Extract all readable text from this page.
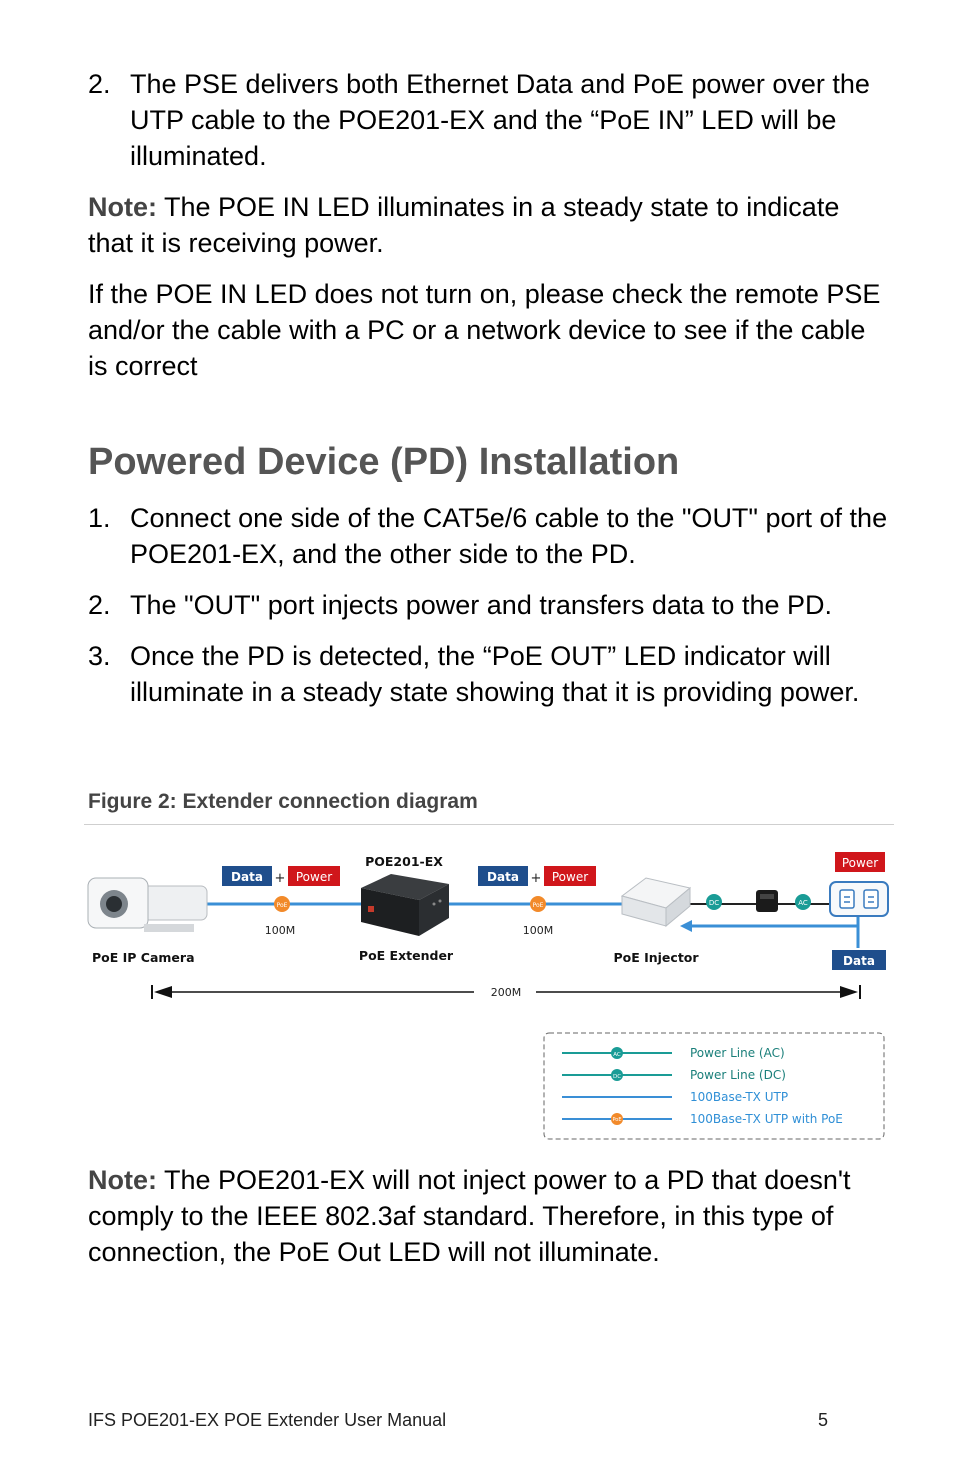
2. The PSE delivers both Ethernet Data and PoE power over the UTP cable to the POE201-EX and the “PoE IN” LED will be illuminated.
Note: The POE IN LED illuminates in a steady state to indicate that it is receiving power.
If the POE IN LED does not turn on, please check the remote PSE and/or the cable with a PC or a network device to see if the cable is correct
Powered Device (PD) Installation
1. Connect one side of the CAT5e/6 cable to the "OUT" port of the POE201-EX, and the other side to the PD.
2. The "OUT" port injects power and transfers data to the PD.
3. Once the PD is detected, the “PoE OUT” LED indicator will illuminate in a steady state showing that it is providing power.
Figure 2: Extender connection diagram
PoE IP Camera
Data + Power
PoE
100M
POE201-EX
PoE Extender
Data + Power
PoE
100M
PoE Injector
DC	AC
Power
Data
200M
AC	Power Line (AC)
DC	Power Line (DC)
100Base-TX UTP
PoE	100Base-TX UTP with PoE
Note: The POE201-EX will not inject power to a PD that doesn't comply to the IEEE 802.3af standard. Therefore, in this type of connection, the PoE Out LED will not illuminate.
IFS POE201-EX POE Extender User Manual	5
